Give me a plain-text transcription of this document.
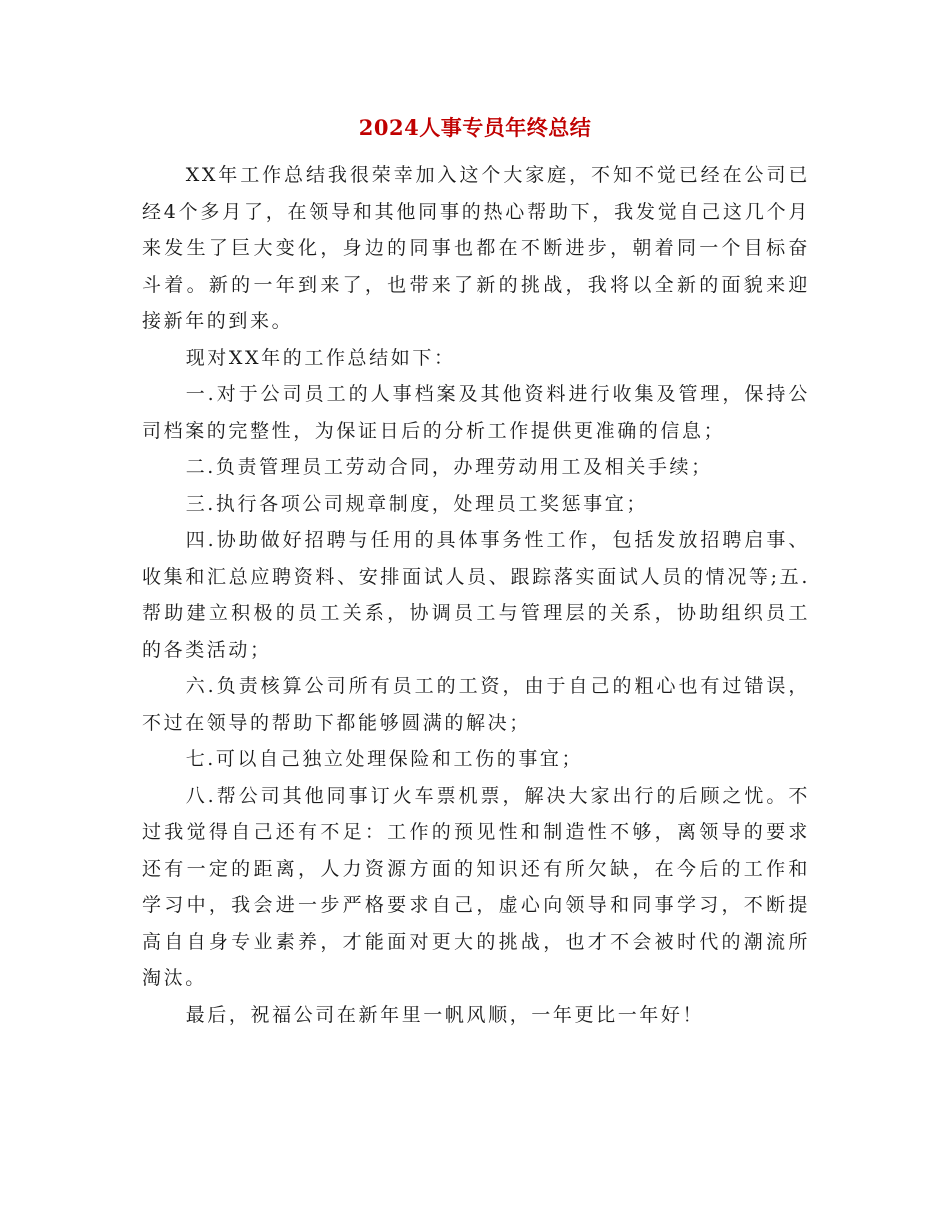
2024人事专员年终总结

XX年工作总结我很荣幸加入这个大家庭，不知不觉已经在公司已经4个多月了，在领导和其他同事的热心帮助下，我发觉自己这几个月来发生了巨大变化，身边的同事也都在不断进步，朝着同一个目标奋斗着。新的一年到来了，也带来了新的挑战，我将以全新的面貌来迎接新年的到来。

现对XX年的工作总结如下：

一.对于公司员工的人事档案及其他资料进行收集及管理，保持公司档案的完整性，为保证日后的分析工作提供更准确的信息；

二.负责管理员工劳动合同，办理劳动用工及相关手续；

三.执行各项公司规章制度，处理员工奖惩事宜；

四.协助做好招聘与任用的具体事务性工作，包括发放招聘启事、收集和汇总应聘资料、安排面试人员、跟踪落实面试人员的情况等;五.帮助建立积极的员工关系，协调员工与管理层的关系，协助组织员工的各类活动；

六.负责核算公司所有员工的工资，由于自己的粗心也有过错误，不过在领导的帮助下都能够圆满的解决；

七.可以自己独立处理保险和工伤的事宜；

八.帮公司其他同事订火车票机票，解决大家出行的后顾之忧。不过我觉得自己还有不足：工作的预见性和制造性不够，离领导的要求还有一定的距离，人力资源方面的知识还有所欠缺，在今后的工作和学习中，我会进一步严格要求自己，虚心向领导和同事学习，不断提高自自身专业素养，才能面对更大的挑战，也才不会被时代的潮流所淘汰。

最后，祝福公司在新年里一帆风顺，一年更比一年好！
